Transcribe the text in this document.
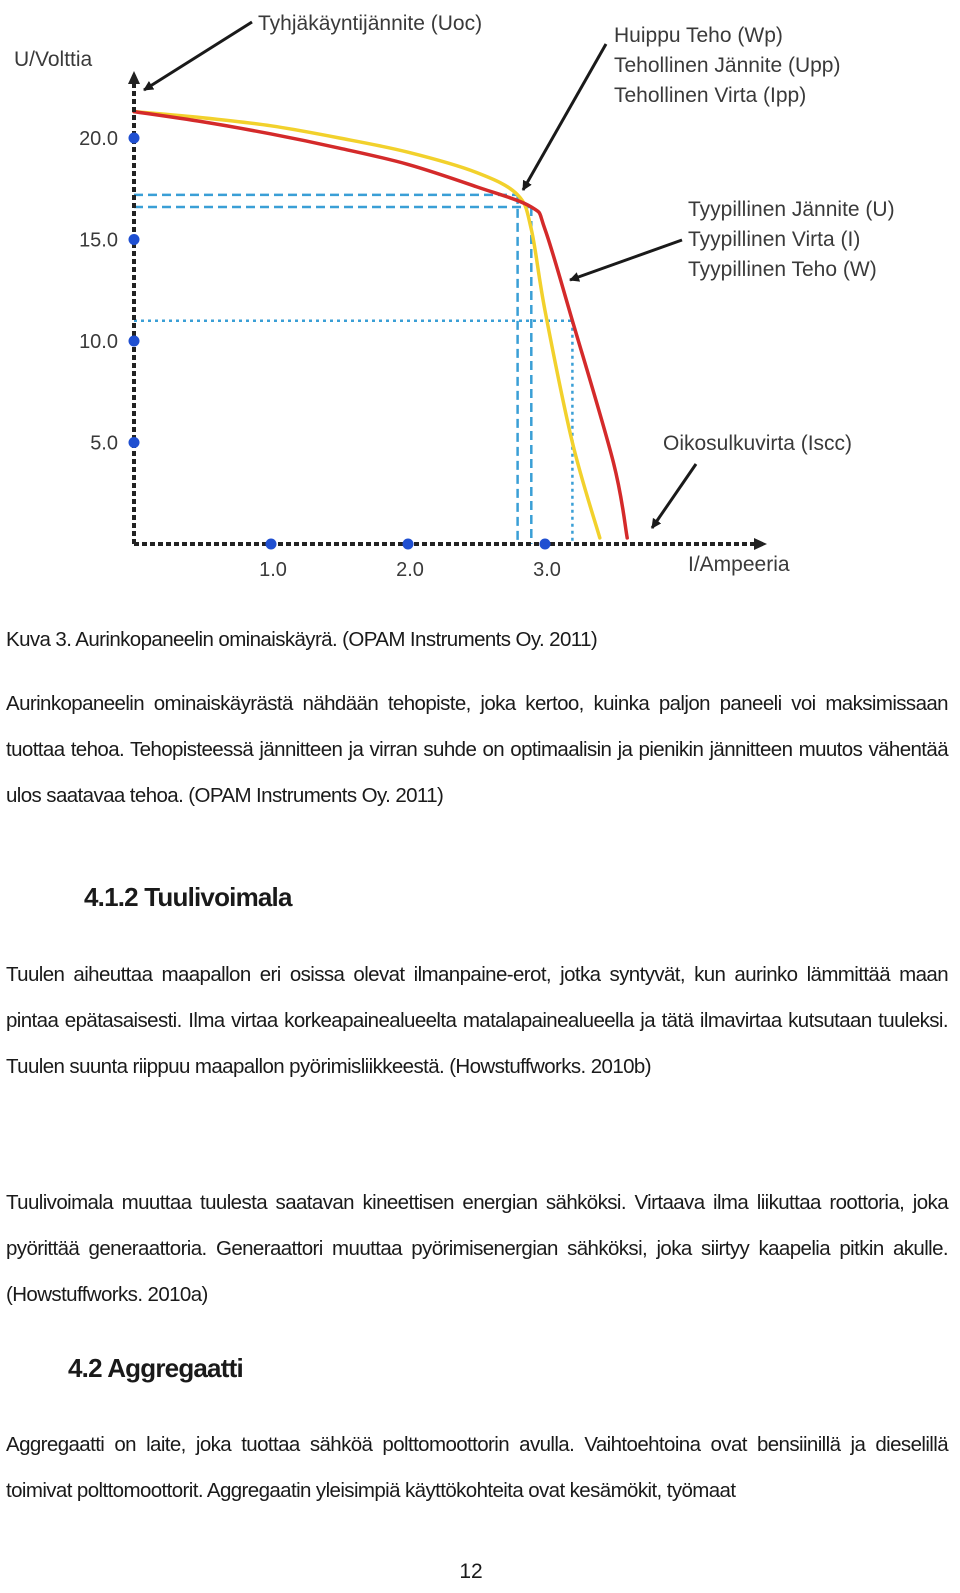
5.0
10.0
15.0
20.0
1.0	2.0	3.0
U/Volttia
I/Ampeeria
Tyhjäkäyntijännite (Uoc)
Huippu Teho (Wp)
Tehollinen Jännite (Upp)
Tehollinen Virta (Ipp)
Tyypillinen Jännite (U)
Tyypillinen Virta (I)
Tyypillinen Teho (W)
Oikosulkuvirta (Iscc)
Kuva 3. Aurinkopaneelin ominaiskäyrä. (OPAM Instruments Oy. 2011)

Aurinkopaneelin ominaiskäyrästä nähdään tehopiste, joka kertoo, kuinka paljon paneeli voi maksimissaan tuottaa tehoa. Tehopisteessä jännitteen ja virran suhde on optimaalisin ja pienikin jännitteen muutos vähentää ulos saatavaa tehoa. (OPAM Instruments Oy. 2011)

4.1.2 Tuulivoimala

Tuulen aiheuttaa maapallon eri osissa olevat ilmanpaine-erot, jotka syntyvät, kun aurinko lämmittää maan pintaa epätasaisesti. Ilma virtaa korkeapainealueelta matalapainealueella ja tätä ilmavirtaa kutsutaan tuuleksi. Tuulen suunta riippuu maapallon pyörimisliikkeestä. (Howstuffworks. 2010b)

Tuulivoimala muuttaa tuulesta saatavan kineettisen energian sähköksi. Virtaava ilma liikuttaa roottoria, joka pyörittää generaattoria. Generaattori muuttaa pyörimisenergian sähköksi, joka siirtyy kaapelia pitkin akulle. (Howstuffworks. 2010a)

4.2 Aggregaatti

Aggregaatti on laite, joka tuottaa sähköä polttomoottorin avulla. Vaihtoehtoina ovat bensiinillä ja dieselillä toimivat polttomoottorit. Aggregaatin yleisimpiä käyttökohteita ovat kesämökit, työmaat

12
